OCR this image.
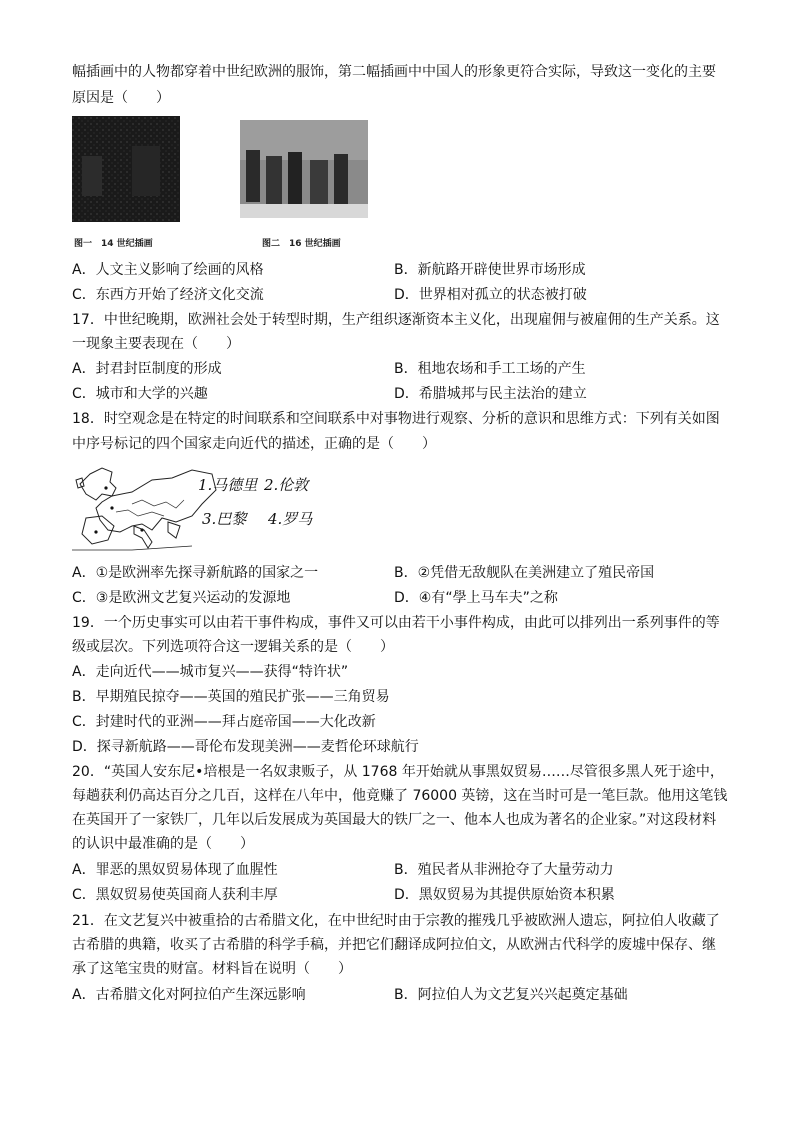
幅插画中的人物都穿着中世纪欧洲的服饰，第二幅插画中中国人的形象更符合实际，导致这一变化的主要
原因是（　　）
图一　14 世纪插画	图二　16 世纪插画
A．人文主义影响了绘画的风格	B．新航路开辟使世界市场形成
C．东西方开始了经济文化交流	D．世界相对孤立的状态被打破
17．中世纪晚期，欧洲社会处于转型时期，生产组织逐渐资本主义化，出现雇佣与被雇佣的生产关系。这
一现象主要表现在（　　）
A．封君封臣制度的形成	B．租地农场和手工工场的产生
C．城市和大学的兴趣	D．希腊城邦与民主法治的建立
18．时空观念是在特定的时间联系和空间联系中对事物进行观察、分析的意识和思维方式：下列有关如图
中序号标记的四个国家走向近代的描述，正确的是（　　）
1.马德里 2.伦敦
3.巴黎 4.罗马
A．①是欧洲率先探寻新航路的国家之一	B．②凭借无敌舰队在美洲建立了殖民帝国
C．③是欧洲文艺复兴运动的发源地	D．④有“學上马车夫”之称
19．一个历史事实可以由若干事件构成，事件又可以由若干小事件构成，由此可以排列出一系列事件的等
级或层次。下列选项符合这一逻辑关系的是（　　）
A．走向近代——城市复兴——获得“特许状”
B．早期殖民掠夺——英国的殖民扩张——三角贸易
C．封建时代的亚洲——拜占庭帝国——大化改新
D．探寻新航路——哥伦布发现美洲——麦哲伦环球航行
20．“英国人安东尼•培根是一名奴隶贩子，从 1768 年开始就从事黑奴贸易……尽管很多黑人死于途中，
每趟获利仍高达百分之几百，这样在八年中，他竟赚了 76000 英镑，这在当时可是一笔巨款。他用这笔钱
在英国开了一家铁厂，几年以后发展成为英国最大的铁厂之一、他本人也成为著名的企业家。”对这段材料
的认识中最准确的是（　　）
A．罪恶的黑奴贸易体现了血腥性	B．殖民者从非洲抢夺了大量劳动力
C．黑奴贸易使英国商人获利丰厚	D．黑奴贸易为其提供原始资本积累
21．在文艺复兴中被重拾的古希腊文化，在中世纪时由于宗教的摧残几乎被欧洲人遗忘，阿拉伯人收藏了
古希腊的典籍，收买了古希腊的科学手稿，并把它们翻译成阿拉伯文，从欧洲古代科学的废墟中保存、继
承了这笔宝贵的财富。材料旨在说明（　　）
A．古希腊文化对阿拉伯产生深远影响	B．阿拉伯人为文艺复兴兴起奠定基础
